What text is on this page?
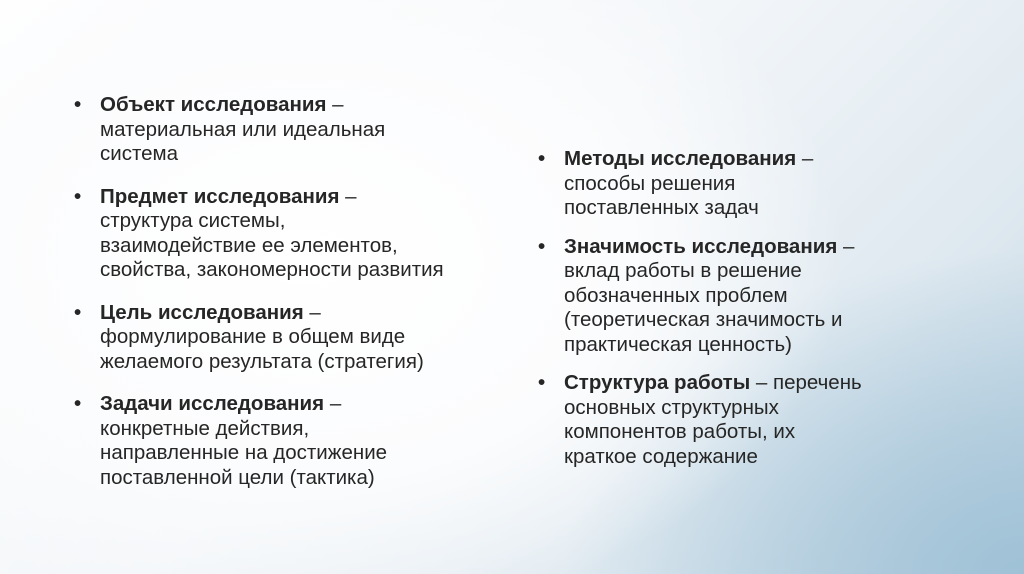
• Объект исследования –
материальная или идеальная
система
• Предмет исследования –
структура системы,
взаимодействие ее элементов,
свойства, закономерности развития
• Цель исследования –
формулирование в общем виде
желаемого результата (стратегия)
• Задачи исследования –
конкретные действия,
направленные на достижение
поставленной цели (тактика)
• Методы исследования –
способы решения
поставленных задач
• Значимость исследования –
вклад работы в решение
обозначенных проблем
(теоретическая значимость и
практическая ценность)
• Структура работы – перечень
основных структурных
компонентов работы, их
краткое содержание
